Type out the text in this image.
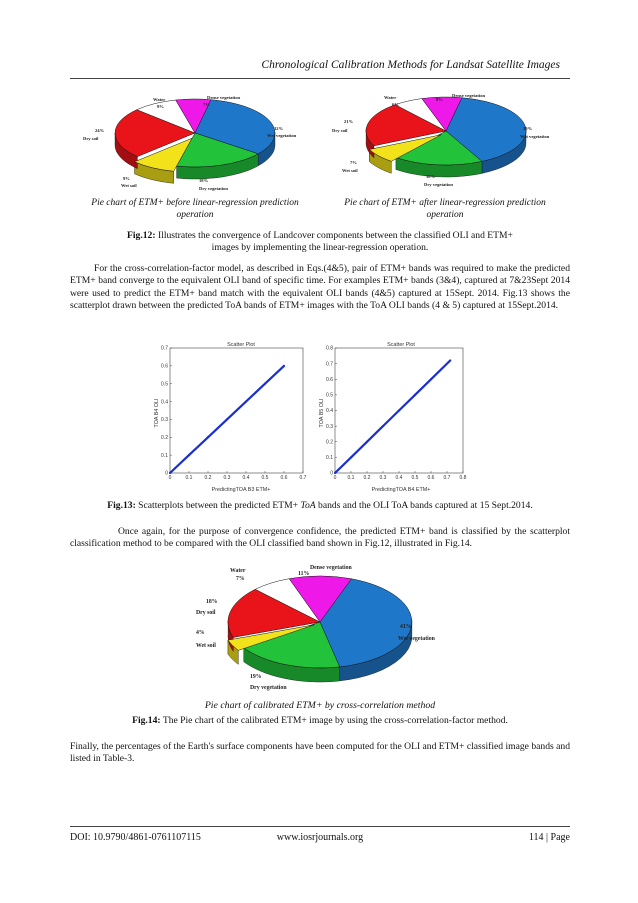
Chronological Calibration Methods for Landsat Satellite Images
Water
9%
Dense vegetation
7%
24%
Dry soil
32%
Wet vegetation
9%
Wet soil
18%
Dry vegetation
Water
6%
Dense vegetation
8%
21%
Dry soil	39%
Wet vegetation
7%
Wet soil
18%
Dry vegetation
Pie chart of ETM+ before linear-regression prediction
operation
Pie chart of ETM+ after linear-regression prediction
operation
Fig.12: Illustrates the convergence of Landcover components between the classified OLI and ETM+
images by implementing the linear-regression operation.
For the cross-correlation-factor model, as described in Eqs.(4&5), pair of ETM+ bands was required to make the predicted ETM+ band converge to the equivalent OLI band of specific time. For examples ETM+ bands (3&4), captured at 7&23Sept 2014 were used to predict the ETM+ band match with the equivalent OLI bands (4&5) captured at 15Sept. 2014. Fig.13 shows the scatterplot drawn between the predicted ToA bands of ETM+ images with the ToA OLI bands (4 & 5) captured at 15Sept.2014.
Scatter Plot
0	0.1 0.2 0.3 0.4 0.5 0.6 0.7
0
0.1
0.2
0.3
0.4
0.5
0.6
0.7
PredictingTOA B3 ETM+
TOA B4 OLI
Scatter Plot
0 0.1 0.2 0.3 0.4 0.5 0.6 0.7 0.8
0
0.1
0.2
0.3
0.4
0.5
0.6
0.7
0.8
PredictingTOA B4 ETM+
TOA B5 OLI
Fig.13: Scatterplots between the predicted ETM+ ToA bands and the OLI ToA bands captured at 15 Sept.2014.
Once again, for the purpose of convergence confidence, the predicted ETM+ band is classified by the scatterplot classification method to be compared with the OLI classified band shown in Fig.12, illustrated in Fig.14.
Water
7%
Dense vegetation
11%
18%
Dry soil
41%
Wet vegetation
4%
Wet soil
19%
Dry vegetation
Pie chart of calibrated ETM+ by cross-correlation method
Fig.14: The Pie chart of the calibrated ETM+ image by using the cross-correlation-factor method.
Finally, the percentages of the Earth's surface components have been computed for the OLI and ETM+ classified image bands and listed in Table-3.
DOI: 10.9790/4861-0761107115	www.iosrjournals.org	114 | Page
